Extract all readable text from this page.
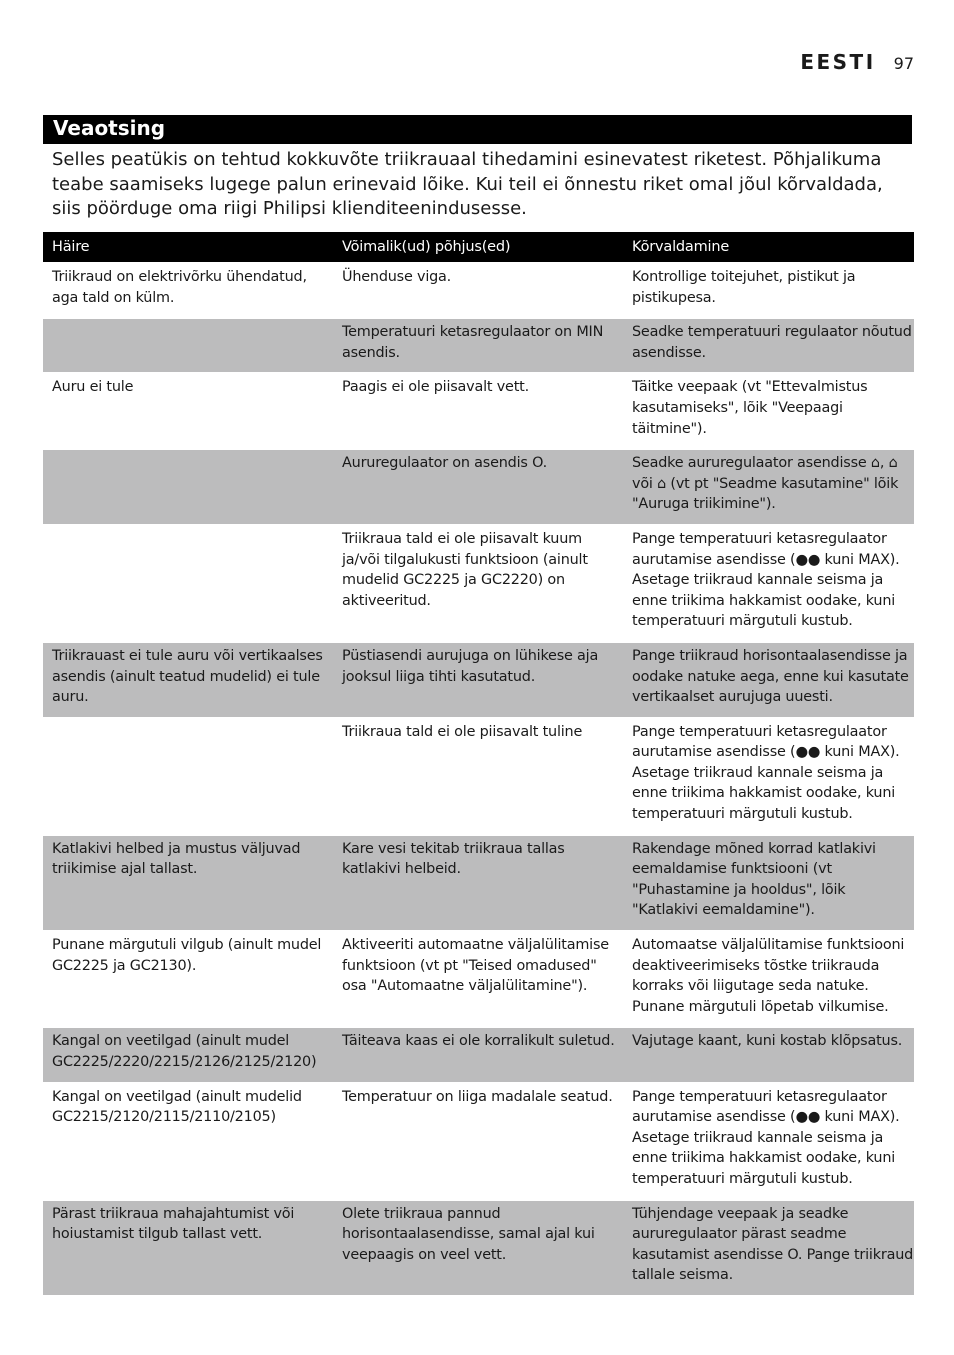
EESTI 97
Veaotsing

Selles peatükis on tehtud kokkuvõte triikrauaal tihedamini esinevatest riketest. Põhjalikuma teabe saamiseks lugege palun erinevaid lõike. Kui teil ei õnnestu riket omal jõul kõrvaldada, siis pöörduge oma riigi Philipsi klienditeenindusesse.

Häire	Võimalik(ud) põhjus(ed)	Kõrvaldamine
Triikraud on elektrivõrku ühendatud, aga tald on külm.	Ühenduse viga.	Kontrollige toitejuhet, pistikut ja pistikupesa.
	Temperatuuri ketasregulaator on MIN asendis.	Seadke temperatuuri regulaator nõutud asendisse.
Auru ei tule	Paagis ei ole piisavalt vett.	Täitke veepaak (vt "Ettevalmistus kasutamiseks", lõik "Veepaagi täitmine").
	Aururegulaator on asendis O.	Seadke aururegulaator asendisse ⌂, ⌂ või ⌂ (vt pt "Seadme kasutamine" lõik "Auruga triikimine").
	Triikraua tald ei ole piisavalt kuum ja/või tilgalukusti funktsioon (ainult mudelid GC2225 ja GC2220) on aktiveeritud.	Pange temperatuuri ketasregulaator aurutamise asendisse (●● kuni MAX). Asetage triikraud kannale seisma ja enne triikima hakkamist oodake, kuni temperatuuri märgutuli kustub.
Triikrauast ei tule auru või vertikaalses asendis (ainult teatud mudelid) ei tule auru.	Püstiasendi aurujuga on lühikese aja jooksul liiga tihti kasutatud.	Pange triikraud horisontaalasendisse ja oodake natuke aega, enne kui kasutate vertikaalset aurujuga uuesti.
	Triikraua tald ei ole piisavalt tuline	Pange temperatuuri ketasregulaator aurutamise asendisse (●● kuni MAX). Asetage triikraud kannale seisma ja enne triikima hakkamist oodake, kuni temperatuuri märgutuli kustub.
Katlakivi helbed ja mustus väljuvad triikimise ajal tallast.	Kare vesi tekitab triikraua tallas katlakivi helbeid.	Rakendage mõned korrad katlakivi eemaldamise funktsiooni (vt "Puhastamine ja hooldus", lõik "Katlakivi eemaldamine").
Punane märgutuli vilgub (ainult mudel GC2225 ja GC2130).	Aktiveeriti automaatne väljalülitamise funktsioon (vt pt "Teised omadused" osa "Automaatne väljalülitamine").	Automaatse väljalülitamise funktsiooni deaktiveerimiseks tõstke triikrauda korraks või liigutage seda natuke. Punane märgutuli lõpetab vilkumise.
Kangal on veetilgad (ainult mudel GC2225/2220/2215/2126/2125/2120)	Täiteava kaas ei ole korralikult suletud.	Vajutage kaant, kuni kostab klõpsatus.
Kangal on veetilgad (ainult mudelid GC2215/2120/2115/2110/2105)	Temperatuur on liiga madalale seatud.	Pange temperatuuri ketasregulaator aurutamise asendisse (●● kuni MAX). Asetage triikraud kannale seisma ja enne triikima hakkamist oodake, kuni temperatuuri märgutuli kustub.
Pärast triikraua mahajahtumist või hoiustamist tilgub tallast vett.	Olete triikraua pannud horisontaalasendisse, samal ajal kui veepaagis on veel vett.	Tühjendage veepaak ja seadke aururegulaator pärast seadme kasutamist asendisse O. Pange triikraud tallale seisma.
